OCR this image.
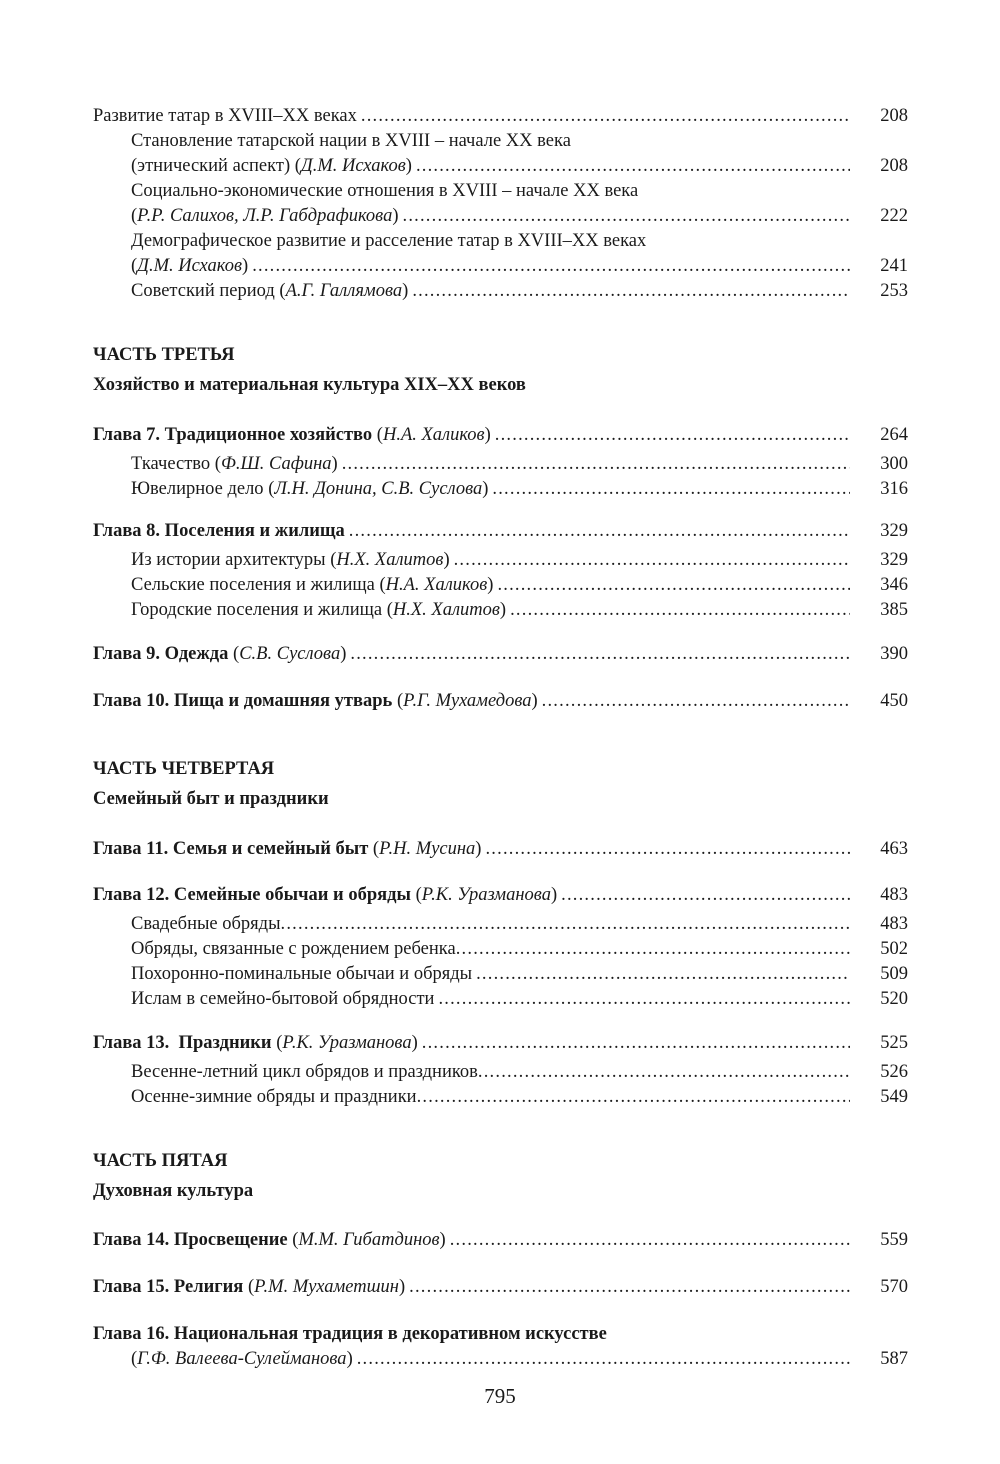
Развитие татар в XVIII–XX веках .....	208
Становление татарской нации в XVIII – начале XX века
(этнический аспект) (Д.М. Исхаков) .....	208
Социально-экономические отношения в XVIII – начале XX века
(Р.Р. Салихов, Л.Р. Габдрафикова) .....	222
Демографическое развитие и расселение татар в XVIII–XX веках
(Д.М. Исхаков) .....	241
Советский период (А.Г. Галлямова) .....	253
ЧАСТЬ ТРЕТЬЯ
Хозяйство и материальная культура XIX–XX веков
Глава 7. Традиционное хозяйство (Н.А. Халиков) .....	264
Ткачество (Ф.Ш. Сафина) .....	300
Ювелирное дело (Л.Н. Донина, С.В. Суслова) .....	316
Глава 8. Поселения и жилища .....	329
Из истории архитектуры (Н.Х. Халитов) .....	329
Сельские поселения и жилища (Н.А. Халиков) .....	346
Городские поселения и жилища (Н.Х. Халитов) .....	385
Глава 9. Одежда (С.В. Суслова) .....	390
Глава 10. Пища и домашняя утварь (Р.Г. Мухамедова) .....	450
ЧАСТЬ ЧЕТВЕРТАЯ
Семейный быт и праздники
Глава 11. Семья и семейный быт (Р.Н. Мусина) .....	463
Глава 12. Семейные обычаи и обряды (Р.К. Уразманова) .....	483
Свадебные обряды .....	483
Обряды, связанные с рождением ребенка .....	502
Похоронно-поминальные обычаи и обряды .....	509
Ислам в семейно-бытовой обрядности .....	520
Глава 13.  Праздники (Р.К. Уразманова) .....	525
Весенне-летний цикл обрядов и праздников .....	526
Осенне-зимние обряды и праздники .....	549
ЧАСТЬ ПЯТАЯ
Духовная культура
Глава 14. Просвещение (М.М. Гибатдинов) .....	559
Глава 15. Религия (Р.М. Мухаметшин) .....	570
Глава 16. Национальная традиция в декоративном искусстве
(Г.Ф. Валеева-Сулейманова) .....	587
795
